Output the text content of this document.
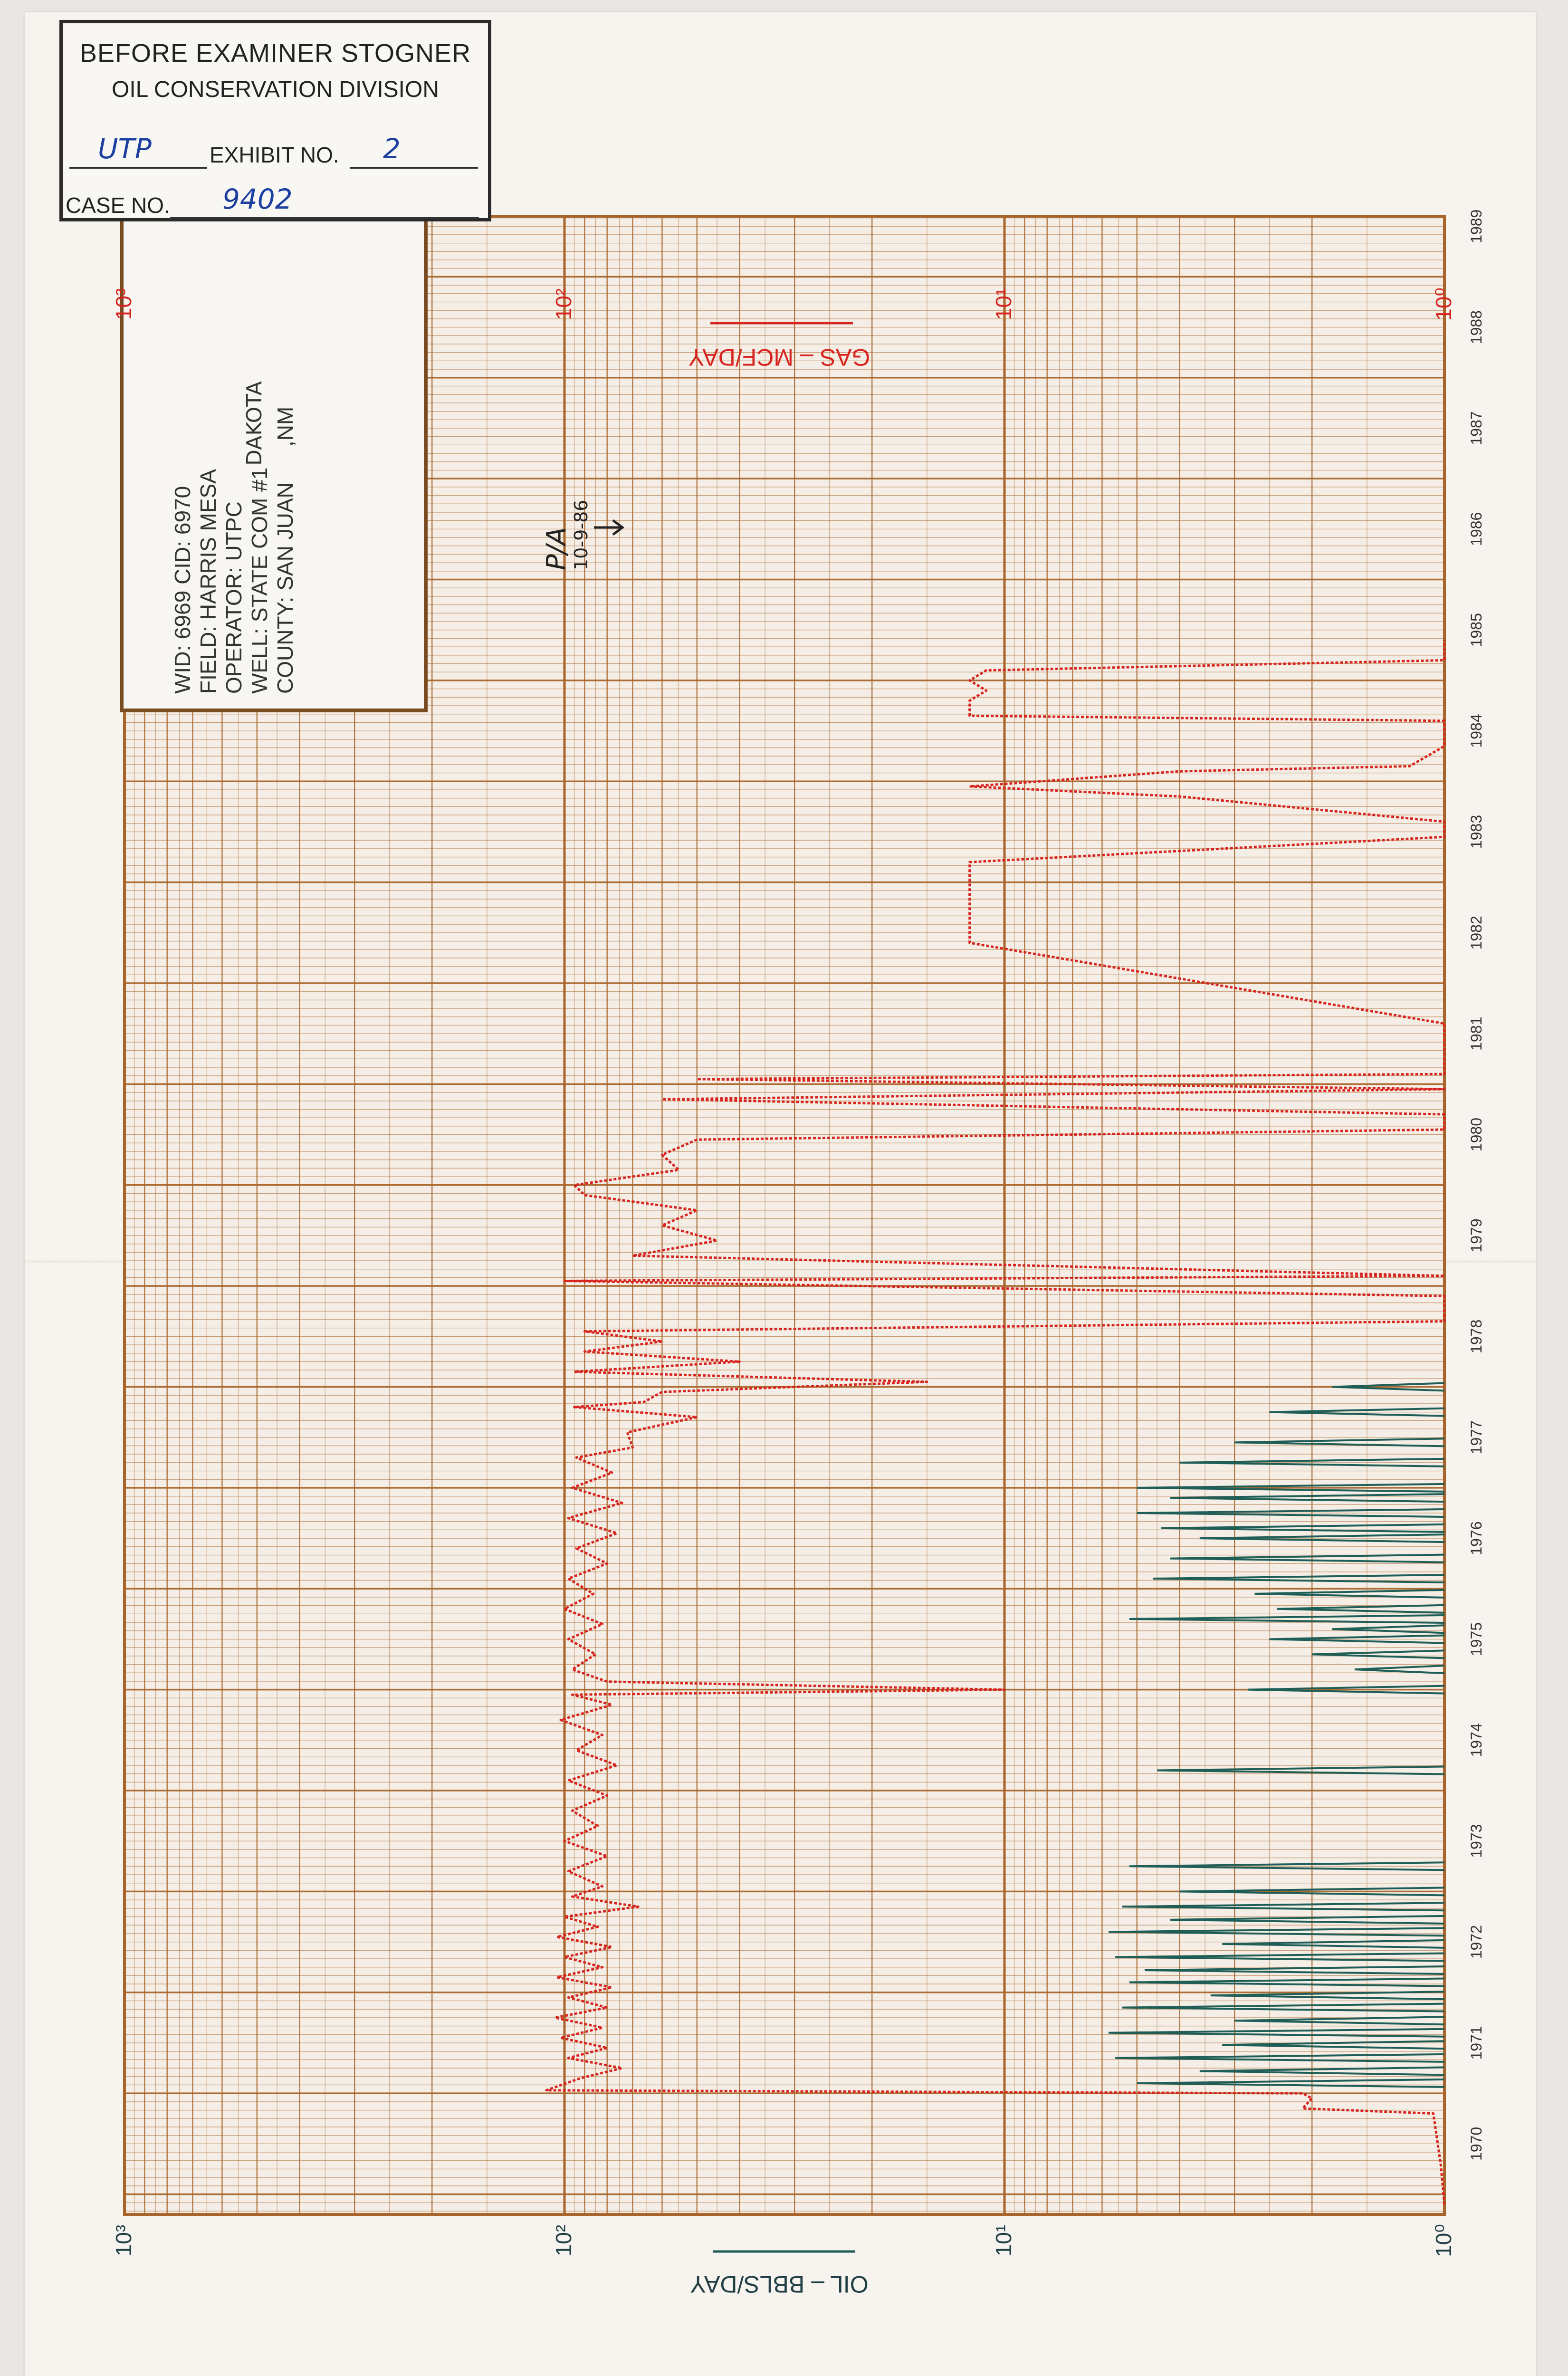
WID: 6969 CID: 6970 FIELD: HARRIS MESA OPERATOR: UTPC WELL: STATE COM #1 COUNTY: SAN JUAN
DAKOTA ,NM
P/A
10-9-86
GAS – MCF/DAY
OIL – BBLS/DAY
10³	10²	10¹	10⁰
10³	10²	10¹	10⁰
1970
1971
1972
1973
1974
1975
1976
1977
1978
1979
1980
1981
1982
1983
1984
1985
1986
1987
1988
1989
BEFORE EXAMINER STOGNER
OIL CONSERVATION DIVISION
UTP	EXHIBIT NO. 2
CASE NO. 9402
